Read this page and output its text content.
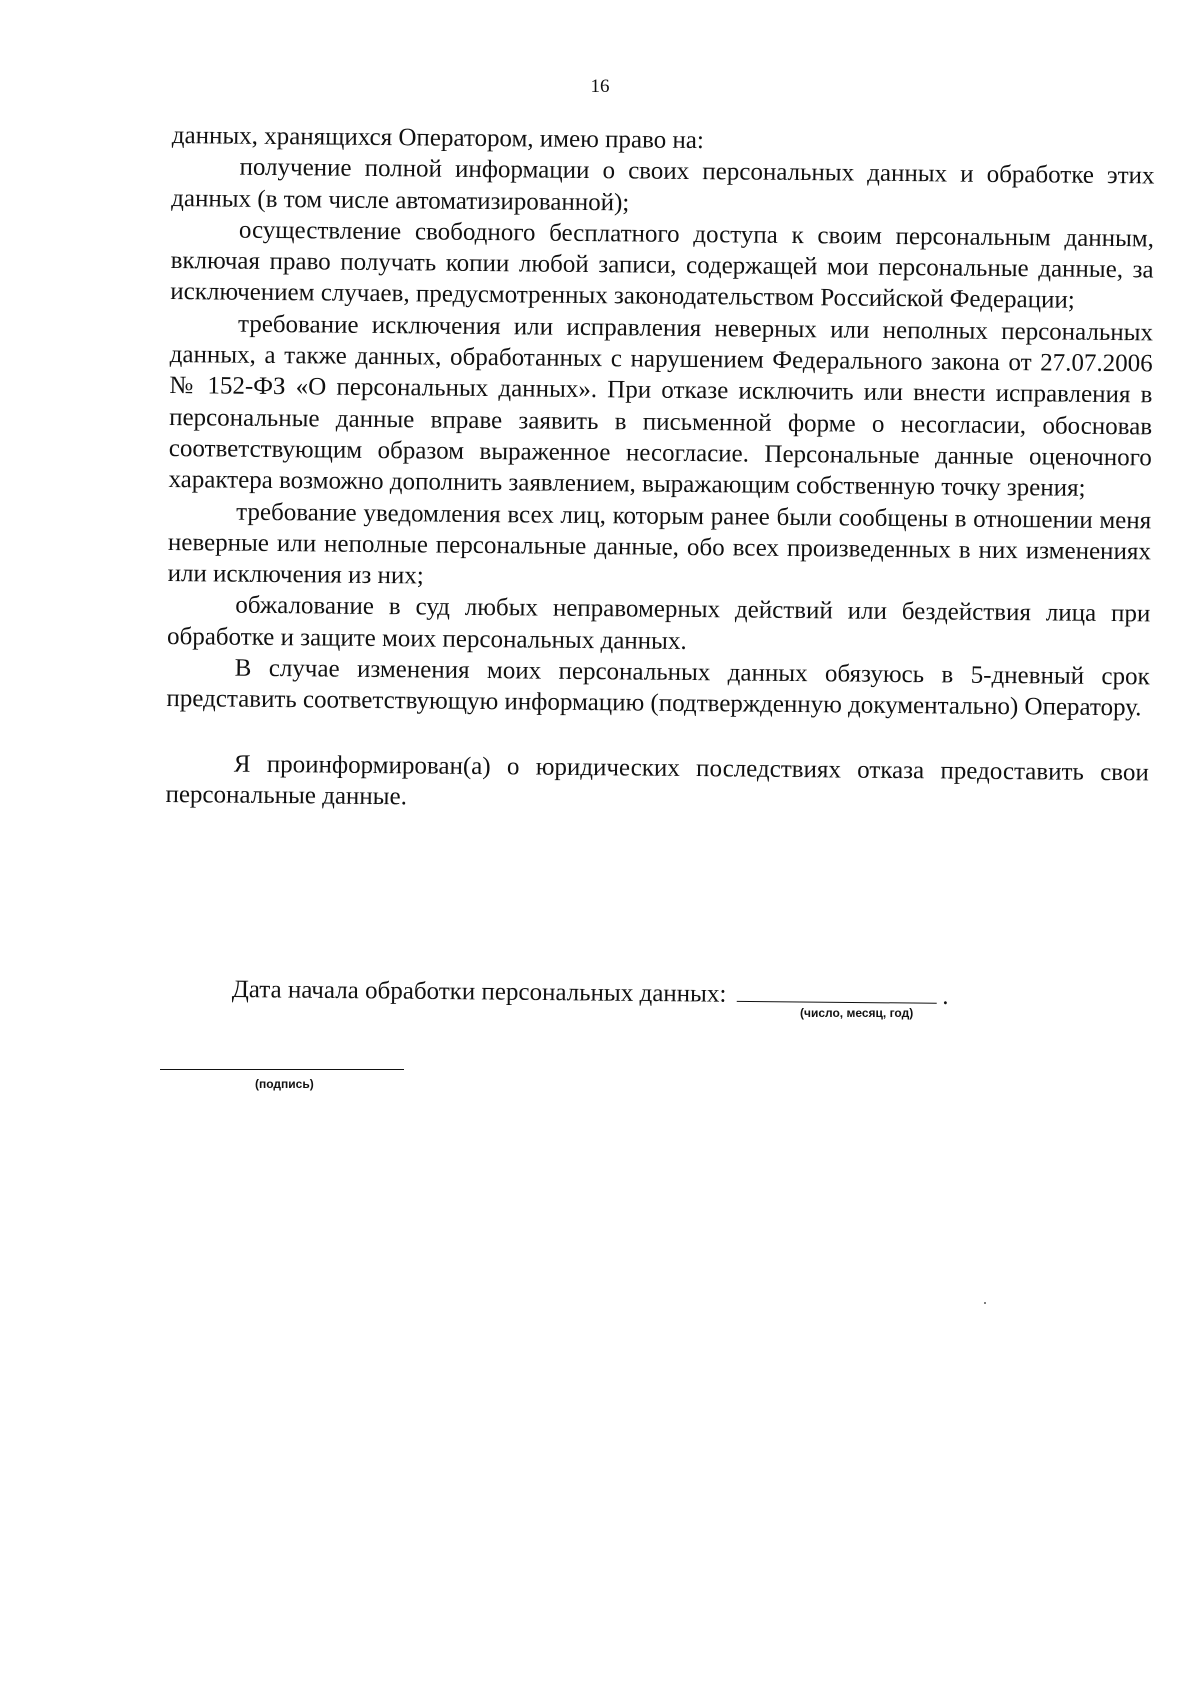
16

данных, хранящихся Оператором, имею право на:

получение полной информации о своих персональных данных и обработке этих данных (в том числе автоматизированной);

осуществление свободного бесплатного доступа к своим персональным данным, включая право получать копии любой записи, содержащей мои персональные данные, за исключением случаев, предусмотренных законодательством Российской Федерации;

требование исключения или исправления неверных или неполных персональных данных, а также данных, обработанных с нарушением Федерального закона от 27.07.2006 № 152-ФЗ «О персональных данных». При отказе исключить или внести исправления в персональные данные вправе заявить в письменной форме о несогласии, обосновав соответствующим образом выраженное несогласие. Персональные данные оценочного характера возможно дополнить заявлением, выражающим собственную точку зрения;

требование уведомления всех лиц, которым ранее были сообщены в отношении меня неверные или неполные персональные данные, обо всех произведенных в них изменениях или исключения из них;

обжалование в суд любых неправомерных действий или бездействия лица при обработке и защите моих персональных данных.

В случае изменения моих персональных данных обязуюсь в 5-дневный срок представить соответствующую информацию (подтвержденную документально) Оператору.

Я проинформирован(а) о юридических последствиях отказа предоставить свои персональные данные.

Дата начала обработки персональных данных:	.
(число, месяц, год)
(подпись)
